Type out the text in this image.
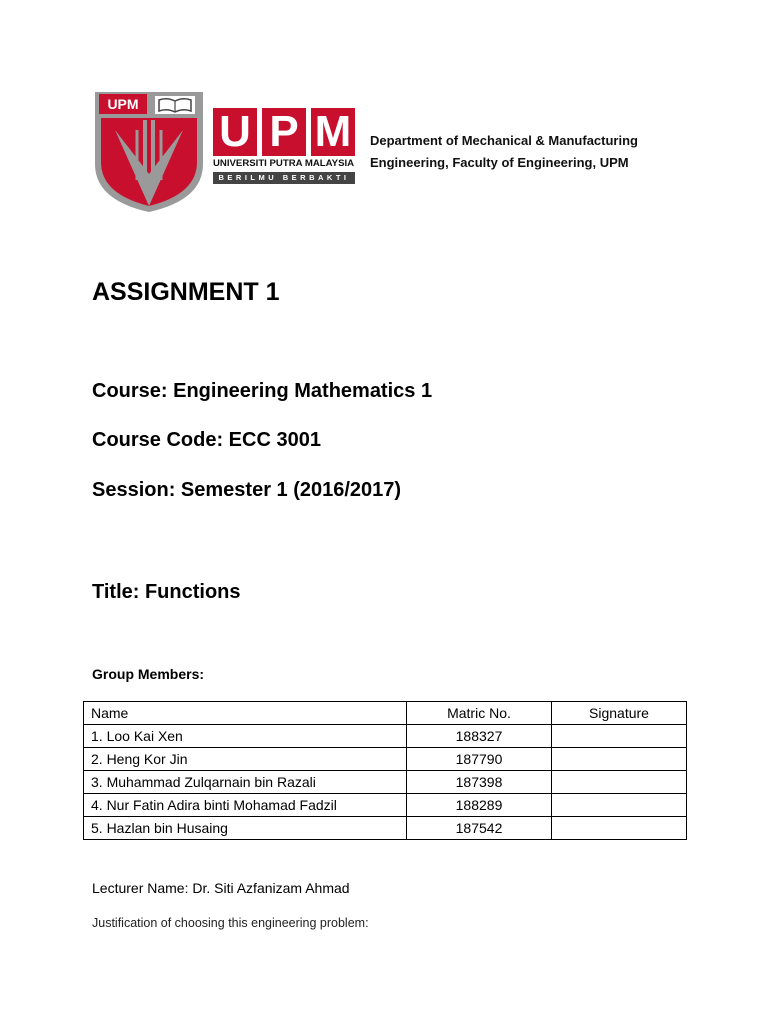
UPM
U P M
UNIVERSITI PUTRA MALAYSIA
BERILMU BERBAKTI
Department of Mechanical & Manufacturing
Engineering, Faculty of Engineering, UPM
ASSIGNMENT 1
Course: Engineering Mathematics 1
Course Code: ECC 3001
Session: Semester 1 (2016/2017)
Title: Functions
Group Members:
Name	Matric No.	Signature
1. Loo Kai Xen	188327	
2. Heng Kor Jin	187790	
3. Muhammad Zulqarnain bin Razali	187398	
4. Nur Fatin Adira binti Mohamad Fadzil	188289	
5. Hazlan bin Husaing	187542	
Lecturer Name: Dr. Siti Azfanizam Ahmad
Justification of choosing this engineering problem:
